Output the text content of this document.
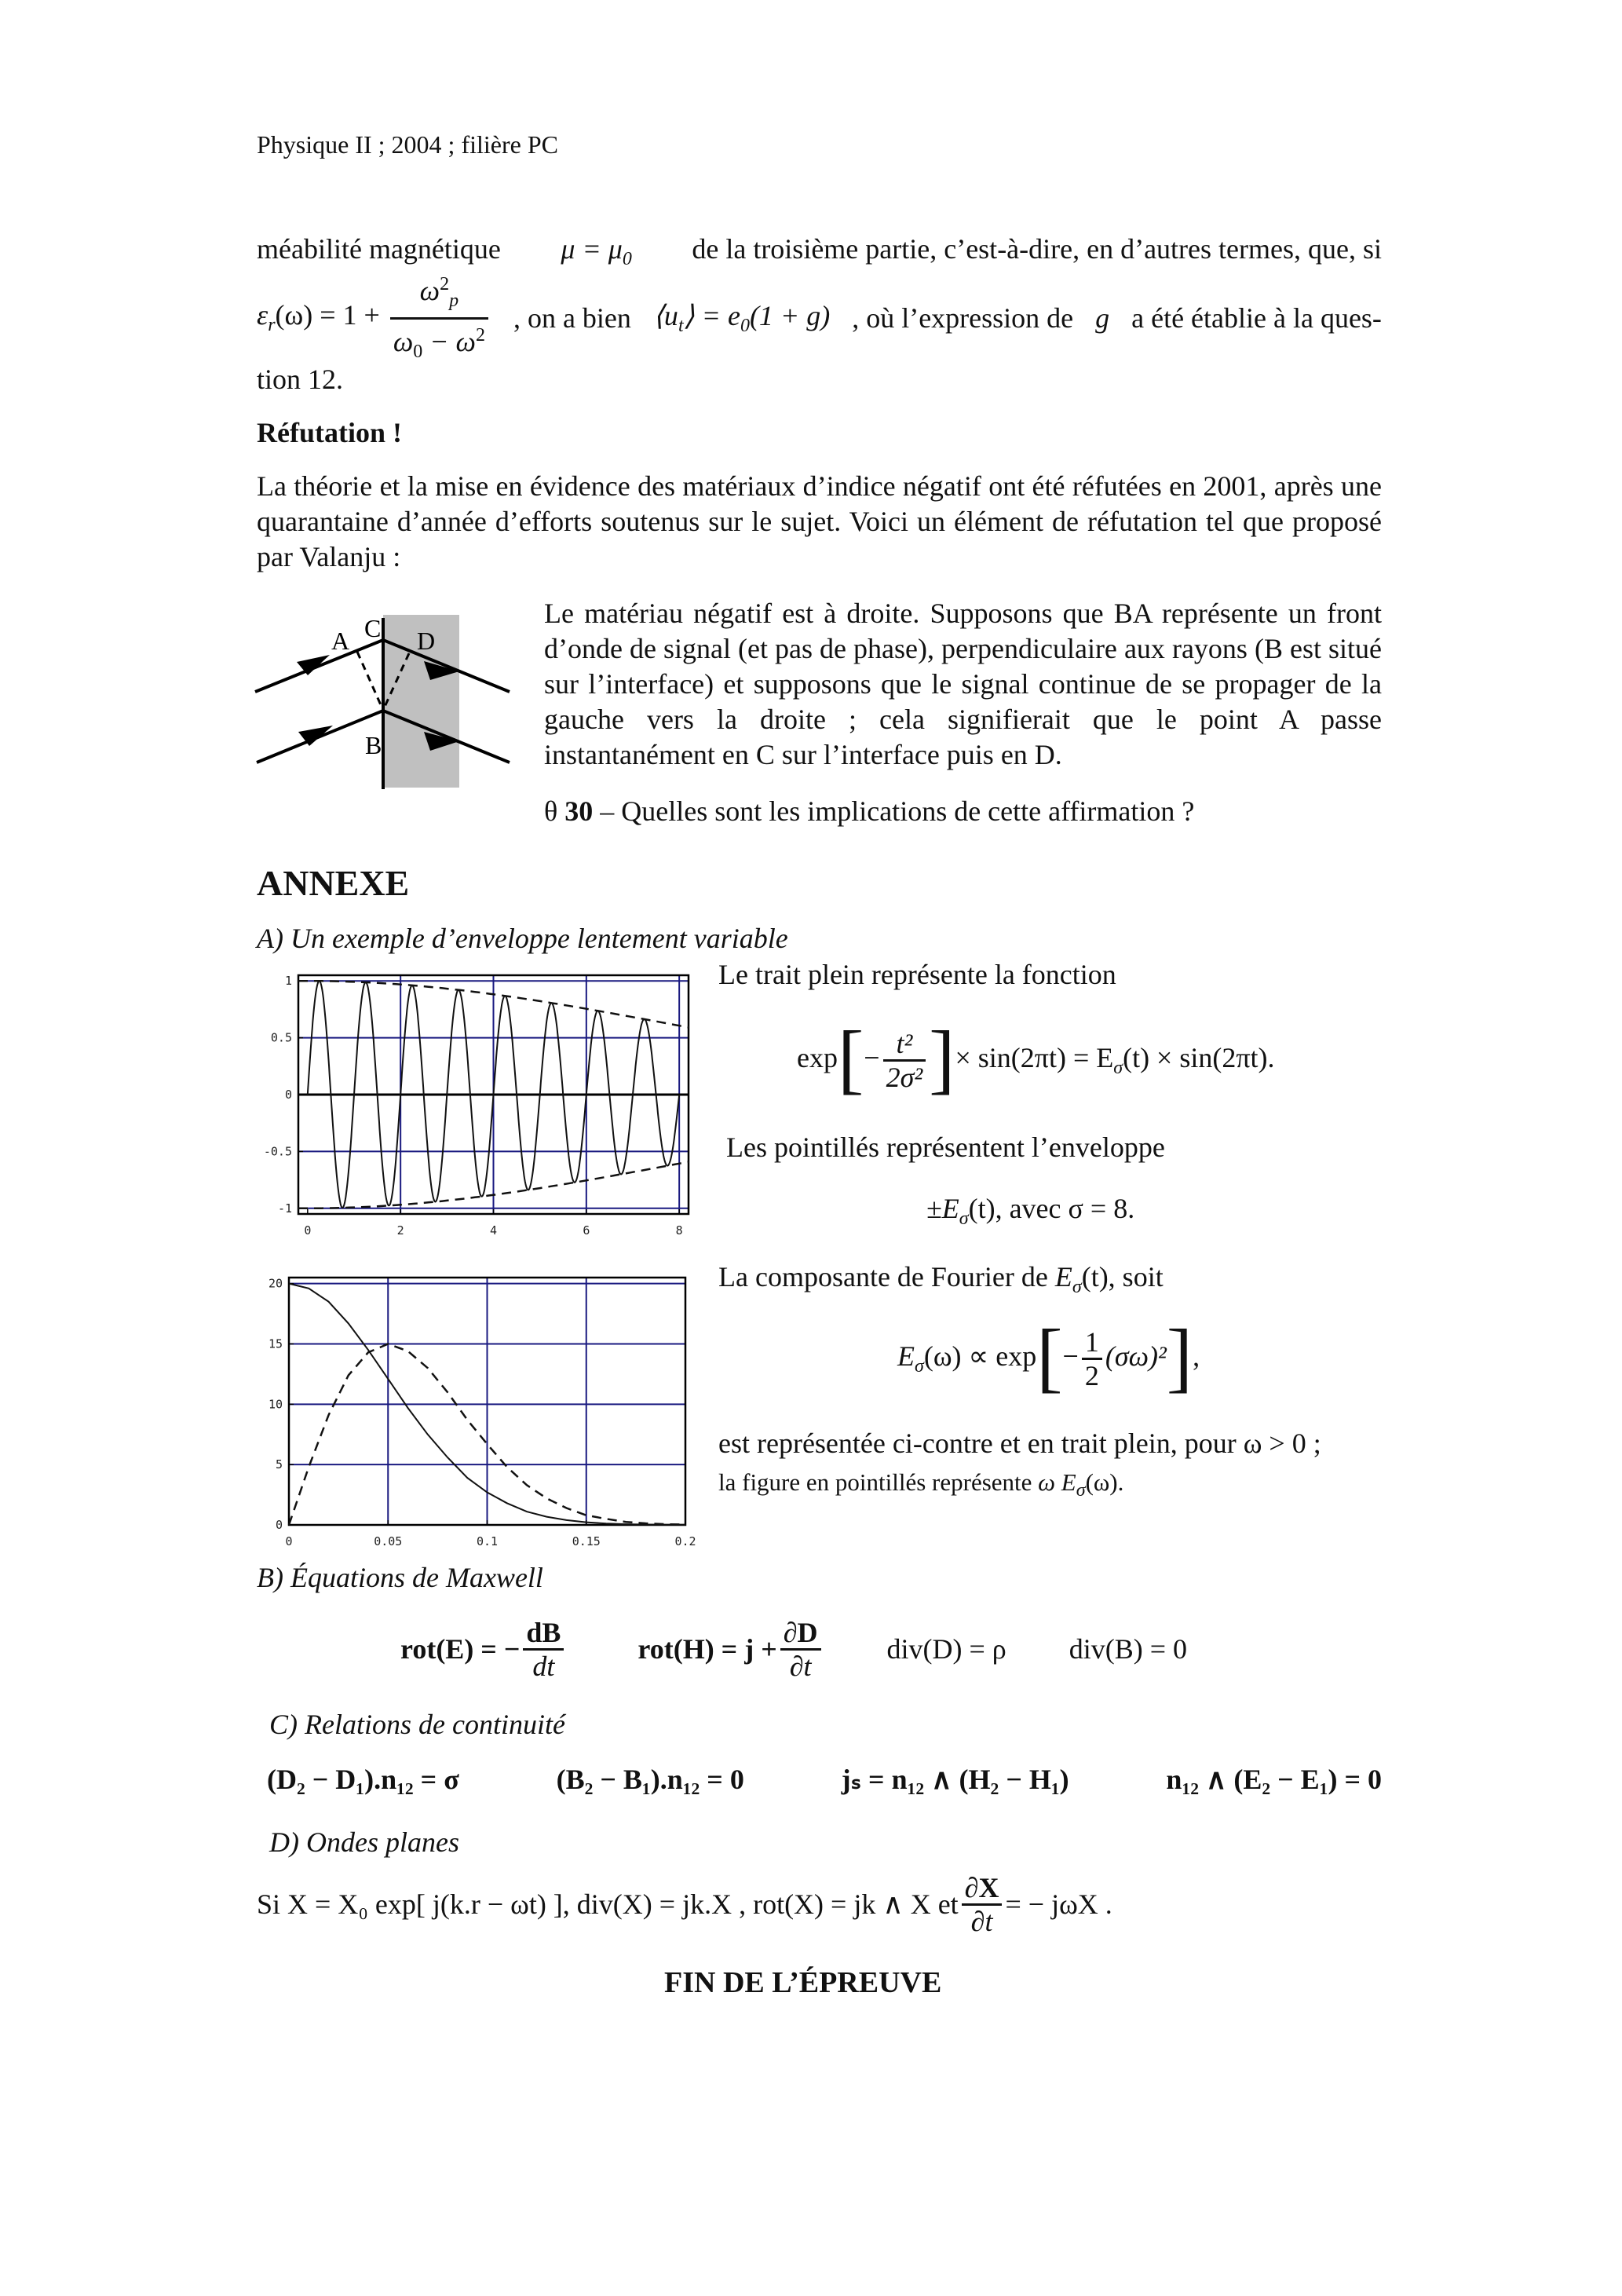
Physique II ; 2004 ; filière PC
méabilité magnétique $\mu = \mu_0$ de la troisième partie, c’est-à-dire, en d’autres termes, que, si
$\varepsilon_r(\omega) = 1 + \frac{\omega^2_p}{\omega_0 - \omega^2}$ , on a bien $⟨u_t⟩ = e_0(1 + g)$ , où l’expression de g a été établie à la ques-
tion 12.
Réfutation !
La théorie et la mise en évidence des matériaux d’indice négatif ont été réfutées en 2001, après une quarantaine d’année d’efforts soutenus sur le sujet. Voici un élément de réfutation tel que proposé par Valanju :
A C D
B
Le matériau négatif est à droite. Supposons que BA représente un front d’onde de signal (et pas de phase), perpendiculaire aux rayons (B est situé sur l’interface) et supposons que le signal continue de se propager de la gauche vers la droite ; cela signifierait que le point A passe instantanément en C sur l’interface puis en D.
θ 30 – Quelles sont les implications de cette affirmation ?
ANNEXE
A) Un exemple d’enveloppe lentement variable
0	2	4	6	8
1
0.5
0
-0.5
-1
0	0.05	0.1	0.15	0.2
20
15
10
5
0
Le trait plein représente la fonction
$\exp[- \frac{\text{t²}}{\text{2σ²}}$ ]× $\sin(2\pi t) = E_\sigma(t) \times \sin(2\pi t)$.
Les pointillés représentent l’enveloppe
$\pm E_\sigma(t)$, avec σ = 8.
La composante de Fourier de $E_\sigma(t)$, soit
$E_\sigma(\omega) \propto \exp[- \frac{1}{2} (\sigma\omega)^2]$,
est représentée ci-contre et en trait plein, pour ω > 0 ;
la figure en pointillés représente ω $E_\sigma(\omega)$.
B) Équations de Maxwell
rot(E) = − $\frac{dB}{dt}$	$rot(H) = j + \frac{\partial D}{\partial t} div(D) = \rho$ div(B) = 0
C) Relations de continuité
(D₂ − D₁).n₁₂ = σ	(B₂ − B₁).n₁₂ = 0	jₛ = n₁₂ ∧ (H₂ − H₁)	n₁₂ ∧ (E₂ − E₁) = 0
D) Ondes planes
Si X = X₀ exp[ j(k.r − ωt) ], div(X) = jk.X , rot(X) = jk ∧ X et $\frac{\partial X}{\partial t}$ = − jωX .
FIN DE L’ÉPREUVE
